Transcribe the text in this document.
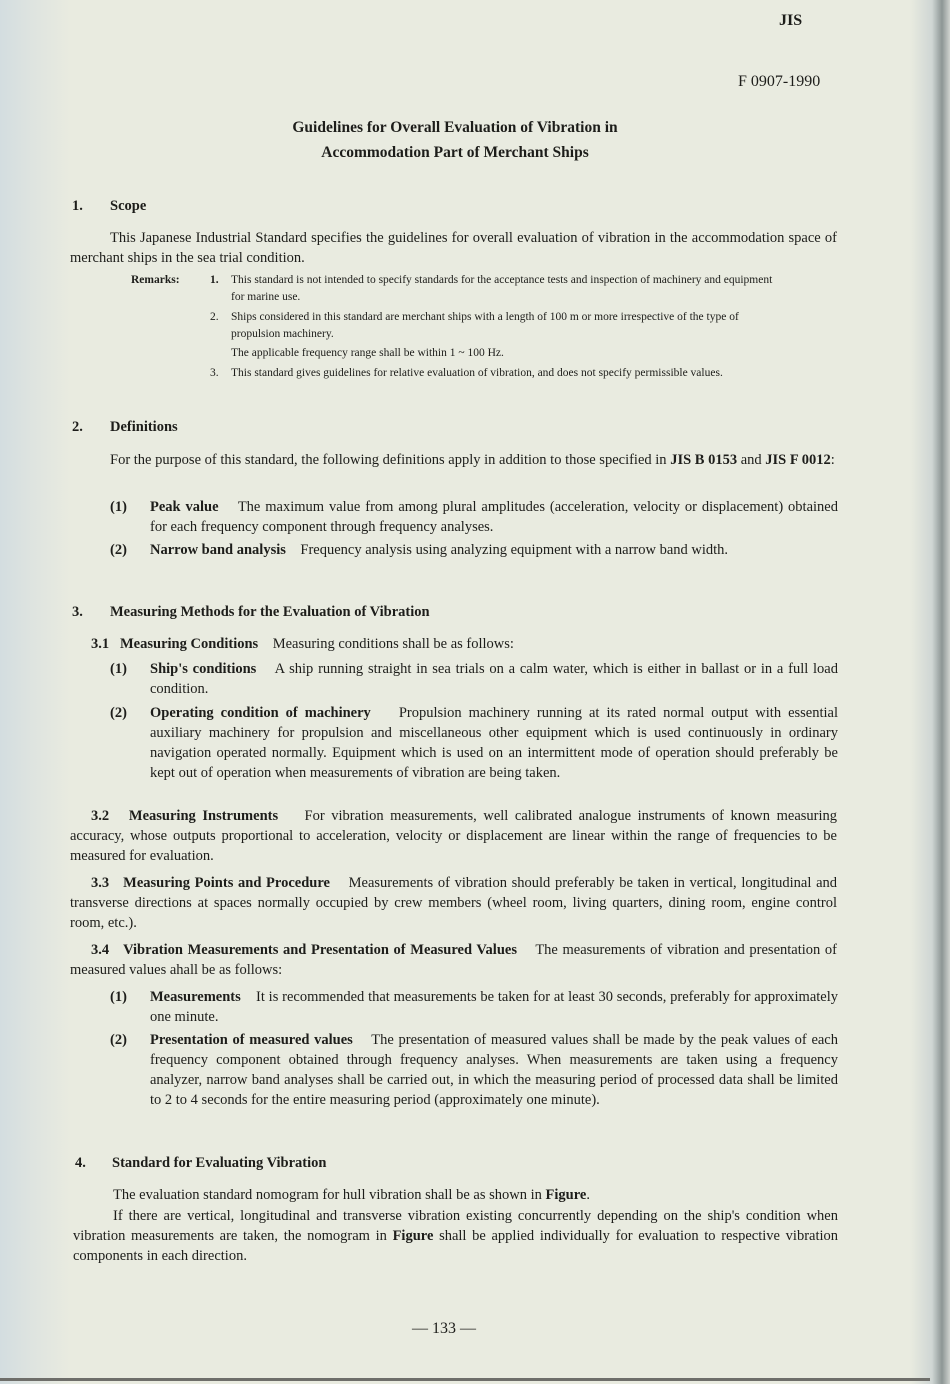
JIS
F 0907-1990
Guidelines for Overall Evaluation of Vibration in
Accommodation Part of Merchant Ships
1. Scope
This Japanese Industrial Standard specifies the guidelines for overall evaluation of vibration in the accommodation space of merchant ships in the sea trial condition.
Remarks:	1. This standard is not intended to specify standards for the acceptance tests and inspection of machinery and equipment for marine use.
2. Ships considered in this standard are merchant ships with a length of 100 m or more irrespective of the type of propulsion machinery.
The applicable frequency range shall be within 1 ~ 100 Hz.
3. This standard gives guidelines for relative evaluation of vibration, and does not specify permissible values.
2. Definitions
For the purpose of this standard, the following definitions apply in addition to those specified in JIS B 0153 and JIS F 0012:
(1) Peak value The maximum value from among plural amplitudes (acceleration, velocity or displacement) obtained for each frequency component through frequency analyses.
(2) Narrow band analysis Frequency analysis using analyzing equipment with a narrow band width.
3. Measuring Methods for the Evaluation of Vibration
3.1 Measuring Conditions Measuring conditions shall be as follows:
(1) Ship's conditions A ship running straight in sea trials on a calm water, which is either in ballast or in a full load condition.
(2) Operating condition of machinery Propulsion machinery running at its rated normal output with essential auxiliary machinery for propulsion and miscellaneous other equipment which is used continuously in ordinary navigation operated normally. Equipment which is used on an intermittent mode of operation should preferably be kept out of operation when measurements of vibration are being taken.
3.2 Measuring Instruments For vibration measurements, well calibrated analogue instruments of known measuring accuracy, whose outputs proportional to acceleration, velocity or displacement are linear within the range of frequencies to be measured for evaluation.
3.3 Measuring Points and Procedure Measurements of vibration should preferably be taken in vertical, longitudinal and transverse directions at spaces normally occupied by crew members (wheel room, living quarters, dining room, engine control room, etc.).
3.4 Vibration Measurements and Presentation of Measured Values The measurements of vibration and presentation of measured values ahall be as follows:
(1) Measurements It is recommended that measurements be taken for at least 30 seconds, preferably for approximately one minute.
(2) Presentation of measured values The presentation of measured values shall be made by the peak values of each frequency component obtained through frequency analyses. When measurements are taken using a frequency analyzer, narrow band analyses shall be carried out, in which the measuring period of processed data shall be limited to 2 to 4 seconds for the entire measuring period (approximately one minute).
4. Standard for Evaluating Vibration
The evaluation standard nomogram for hull vibration shall be as shown in Figure.
If there are vertical, longitudinal and transverse vibration existing concurrently depending on the ship's condition when vibration measurements are taken, the nomogram in Figure shall be applied individually for evaluation to respective vibration components in each direction.
— 133 —
